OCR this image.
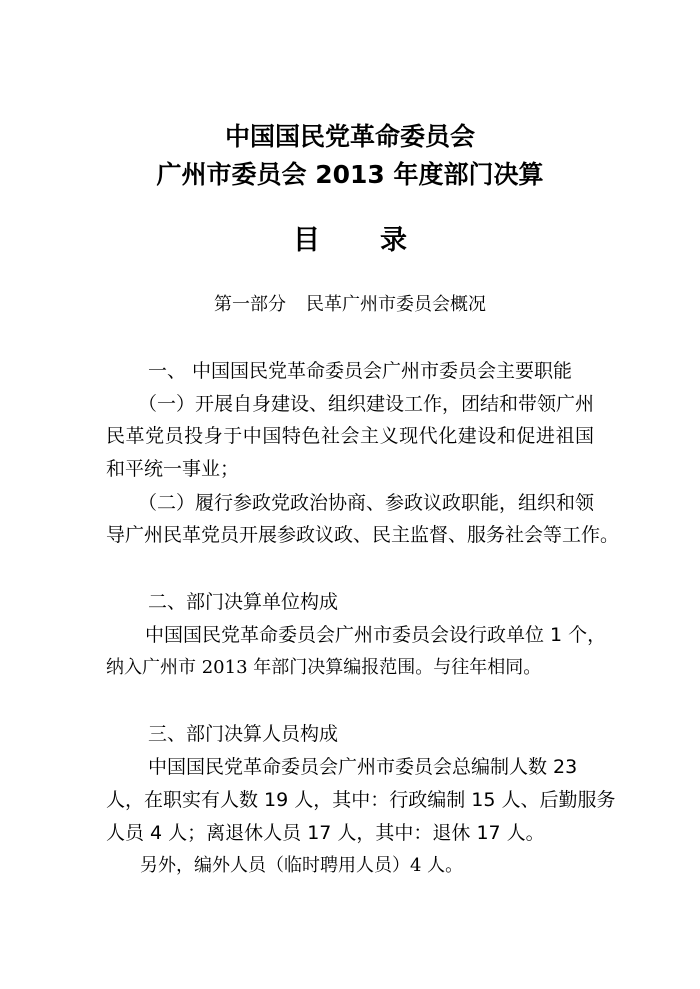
中国国民党革命委员会
广州市委员会 2013 年度部门决算
目 录
第一部分 民革广州市委员会概况
一、 中国国民党革命委员会广州市委员会主要职能
（一）开展自身建设、组织建设工作，团结和带领广州
民革党员投身于中国特色社会主义现代化建设和促进祖国
和平统一事业；
（二）履行参政党政治协商、参政议政职能，组织和领
导广州民革党员开展参政议政、民主监督、服务社会等工作。
二、部门决算单位构成
中国国民党革命委员会广州市委员会设行政单位 1 个，
纳入广州市 2013 年部门决算编报范围。与往年相同。
三、部门决算人员构成
中国国民党革命委员会广州市委员会总编制人数 23
人，在职实有人数 19 人，其中：行政编制 15 人、后勤服务
人员 4 人；离退休人员 17 人，其中：退休 17 人。
另外，编外人员（临时聘用人员）4 人。
